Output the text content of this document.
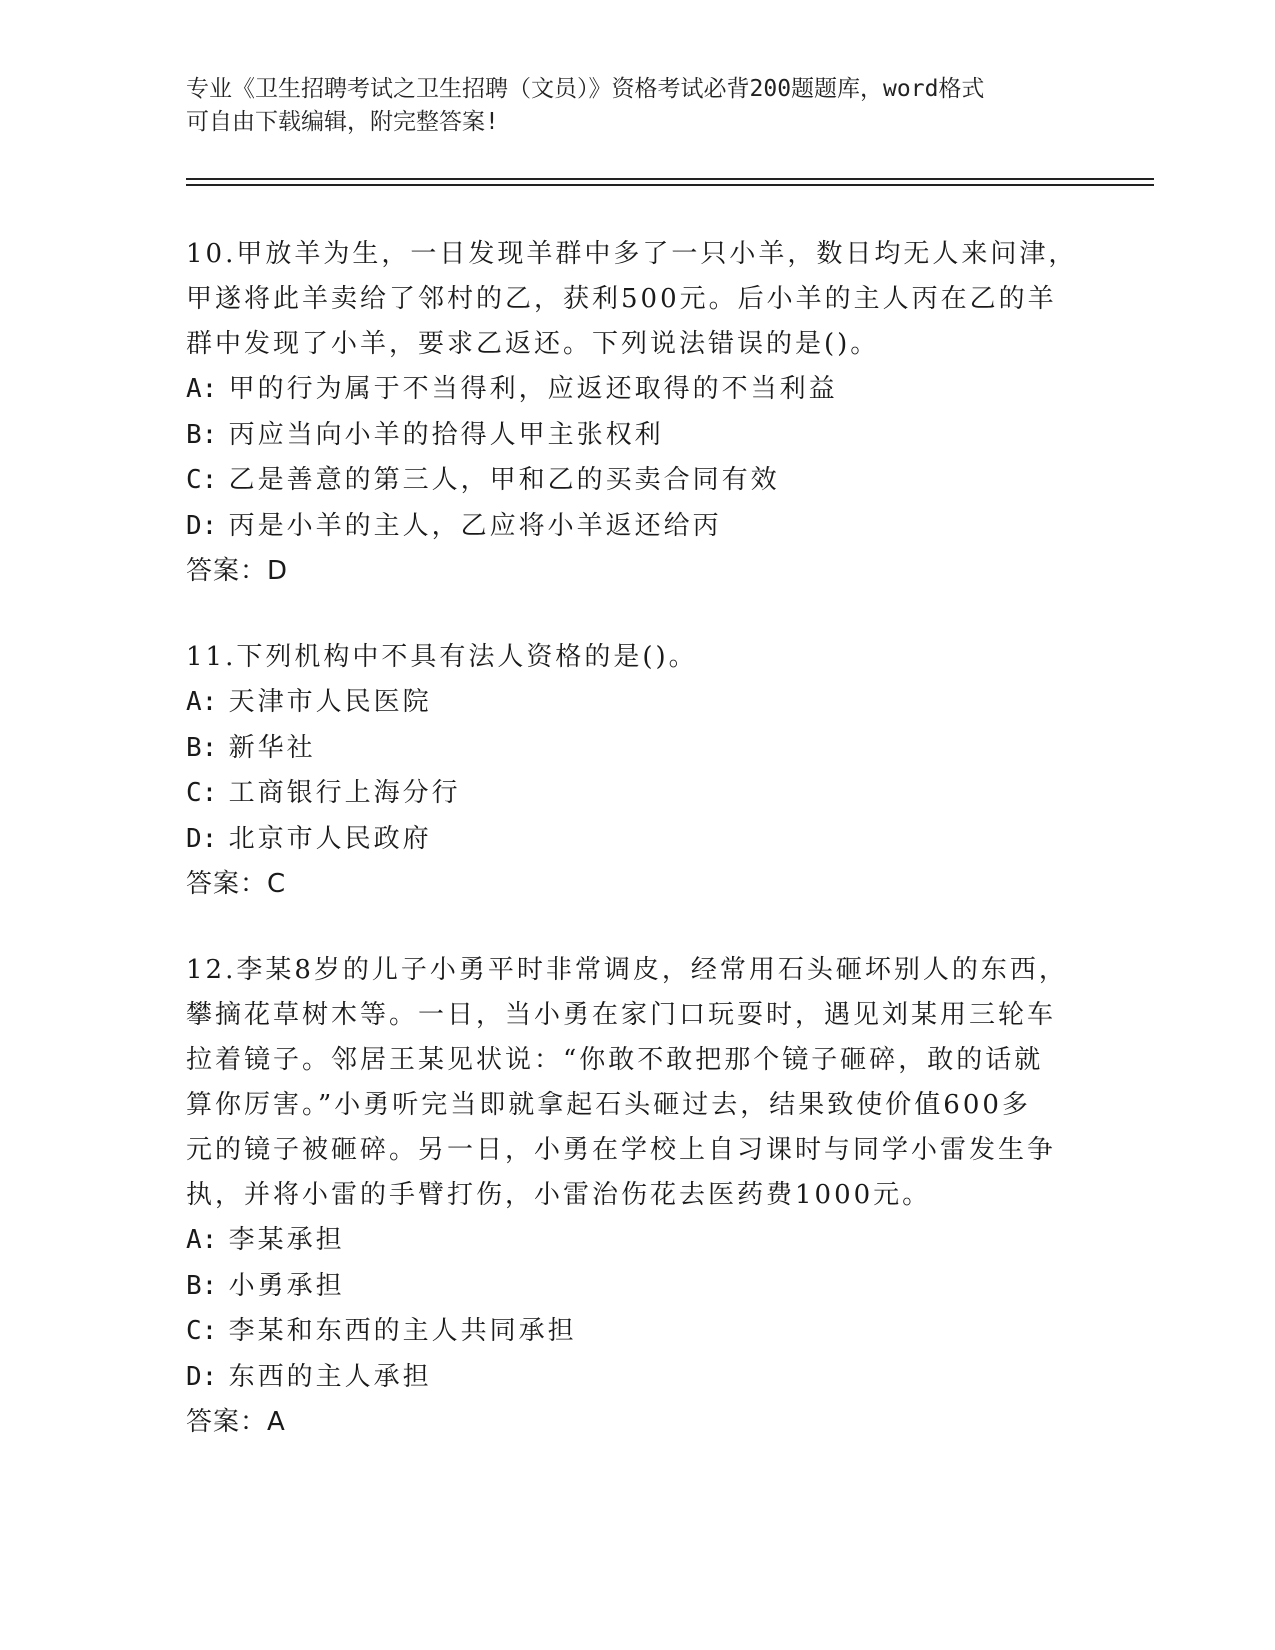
专业《卫生招聘考试之卫生招聘（文员）》资格考试必背200题题库，word格式
可自由下载编辑，附完整答案!
10.甲放羊为生，一日发现羊群中多了一只小羊，数日均无人来问津，
甲遂将此羊卖给了邻村的乙，获利500元。后小羊的主人丙在乙的羊
群中发现了小羊，要求乙返还。下列说法错误的是()。
A: 甲的行为属于不当得利，应返还取得的不当利益
B: 丙应当向小羊的拾得人甲主张权利
C: 乙是善意的第三人，甲和乙的买卖合同有效
D: 丙是小羊的主人，乙应将小羊返还给丙
答案：D
11.下列机构中不具有法人资格的是()。
A: 天津市人民医院
B: 新华社
C: 工商银行上海分行
D: 北京市人民政府
答案：C
12.李某8岁的儿子小勇平时非常调皮，经常用石头砸坏别人的东西，
攀摘花草树木等。一日，当小勇在家门口玩耍时，遇见刘某用三轮车
拉着镜子。邻居王某见状说：“你敢不敢把那个镜子砸碎，敢的话就
算你厉害。”小勇听完当即就拿起石头砸过去，结果致使价值600多
元的镜子被砸碎。另一日，小勇在学校上自习课时与同学小雷发生争
执，并将小雷的手臂打伤，小雷治伤花去医药费1000元。
A: 李某承担
B: 小勇承担
C: 李某和东西的主人共同承担
D: 东西的主人承担
答案：A
